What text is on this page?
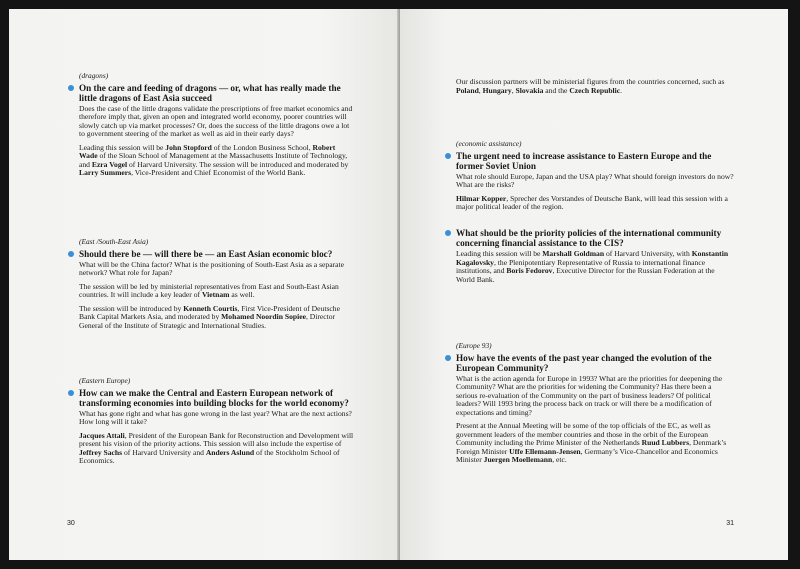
(dragons)
On the care and feeding of dragons — or, what has really made the little dragons of East Asia succeed

Does the case of the little dragons validate the prescriptions of free market economics and therefore imply that, given an open and integrated world economy, poorer countries will slowly catch up via market processes? Or, does the success of the little dragons owe a lot to government steering of the market as well as aid in their early days?

Leading this session will be John Stopford of the London Business School, Robert Wade of the Sloan School of Management at the Massachusetts Institute of Technology, and Ezra Vogel of Harvard University. The session will be introduced and moderated by Larry Summers, Vice-President and Chief Economist of the World Bank.

(East /South-East Asia)
Should there be — will there be — an East Asian economic bloc?

What will be the China factor? What is the positioning of South-East Asia as a separate network? What role for Japan?

The session will be led by ministerial representatives from East and South-East Asian countries. It will include a key leader of Vietnam as well.

The session will be introduced by Kenneth Courtis, First Vice-President of Deutsche Bank Capital Markets Asia, and moderated by Mohamed Noordin Sopiee, Director General of the Institute of Strategic and International Studies.

(Eastern Europe)
How can we make the Central and Eastern European network of transforming economies into building blocks for the world economy?

What has gone right and what has gone wrong in the last year? What are the next actions? How long will it take?

Jacques Attali, President of the European Bank for Reconstruction and Development will present his vision of the priority actions. This session will also include the expertise of Jeffrey Sachs of Harvard University and Anders Aslund of the Stockholm School of Economics.

30

Our discussion partners will be ministerial figures from the countries concerned, such as Poland, Hungary, Slovakia and the Czech Republic.

(economic assistance)
The urgent need to increase assistance to Eastern Europe and the former Soviet Union

What role should Europe, Japan and the USA play? What should foreign investors do now? What are the risks?

Hilmar Kopper, Sprecher des Vorstandes of Deutsche Bank, will lead this session with a major political leader of the region.

What should be the priority policies of the international community concerning financial assistance to the CIS?

Leading this session will be Marshall Goldman of Harvard University, with Konstantin Kagalovsky, the Plenipotentiary Representative of Russia to international finance institutions, and Boris Fedorov, Executive Director for the Russian Federation at the World Bank.

(Europe 93)
How have the events of the past year changed the evolution of the European Community?

What is the action agenda for Europe in 1993? What are the priorities for deepening the Community? What are the priorities for widening the Community? Has there been a serious re-evaluation of the Community on the part of business leaders? Of political leaders? Will 1993 bring the process back on track or will there be a modification of expectations and timing?

Present at the Annual Meeting will be some of the top officials of the EC, as well as government leaders of the member countries and those in the orbit of the European Community including the Prime Minister of the Netherlands Ruud Lubbers, Denmark’s Foreign Minister Uffe Ellemann-Jensen, Germany’s Vice-Chancellor and Economics Minister Juergen Moellemann, etc.

31
